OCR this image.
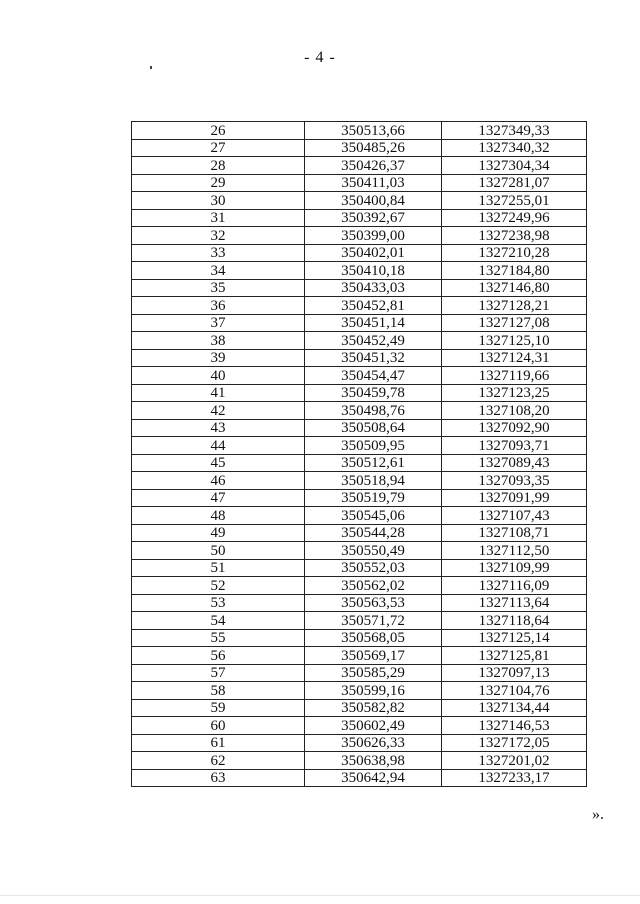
- 4 -
26	350513,66	1327349,33
27	350485,26	1327340,32
28	350426,37	1327304,34
29	350411,03	1327281,07
30	350400,84	1327255,01
31	350392,67	1327249,96
32	350399,00	1327238,98
33	350402,01	1327210,28
34	350410,18	1327184,80
35	350433,03	1327146,80
36	350452,81	1327128,21
37	350451,14	1327127,08
38	350452,49	1327125,10
39	350451,32	1327124,31
40	350454,47	1327119,66
41	350459,78	1327123,25
42	350498,76	1327108,20
43	350508,64	1327092,90
44	350509,95	1327093,71
45	350512,61	1327089,43
46	350518,94	1327093,35
47	350519,79	1327091,99
48	350545,06	1327107,43
49	350544,28	1327108,71
50	350550,49	1327112,50
51	350552,03	1327109,99
52	350562,02	1327116,09
53	350563,53	1327113,64
54	350571,72	1327118,64
55	350568,05	1327125,14
56	350569,17	1327125,81
57	350585,29	1327097,13
58	350599,16	1327104,76
59	350582,82	1327134,44
60	350602,49	1327146,53
61	350626,33	1327172,05
62	350638,98	1327201,02
63	350642,94	1327233,17
».
